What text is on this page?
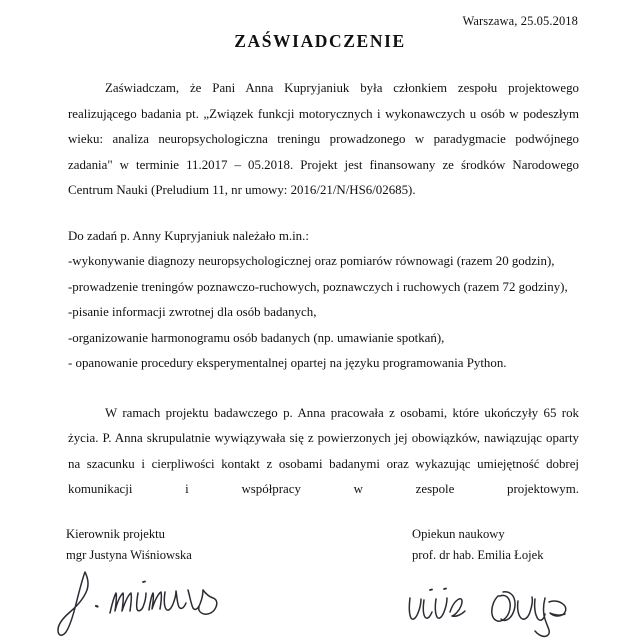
Warszawa, 25.05.2018
ZAŚWIADCZENIE

Zaświadczam, że Pani Anna Kupryjaniuk była członkiem zespołu projektowego realizującego badania pt. „Związek funkcji motorycznych i wykonawczych u osób w podeszłym wieku: analiza neuropsychologiczna treningu prowadzonego w paradygmacie podwójnego zadania" w terminie 11.2017 – 05.2018. Projekt jest finansowany ze środków Narodowego Centrum Nauki (Preludium 11, nr umowy: 2016/21/N/HS6/02685).

Do zadań p. Anny Kupryjaniuk należało m.in.:

-wykonywanie diagnozy neuropsychologicznej oraz pomiarów równowagi (razem 20 godzin),
-prowadzenie treningów poznawczo-ruchowych, poznawczych i ruchowych (razem 72 godziny),
-pisanie informacji zwrotnej dla osób badanych,
-organizowanie harmonogramu osób badanych (np. umawianie spotkań),
- opanowanie procedury eksperymentalnej opartej na języku programowania Python.

W ramach projektu badawczego p. Anna pracowała z osobami, które ukończyły 65 rok życia. P. Anna skrupulatnie wywiązywała się z powierzonych jej obowiązków, nawiązując oparty na szacunku i cierpliwości kontakt z osobami badanymi oraz wykazując umiejętność dobrej komunikacji i współpracy w zespole projektowym.

Kierownik projektu
mgr Justyna Wiśniowska
Opiekun naukowy
prof. dr hab. Emilia Łojek
